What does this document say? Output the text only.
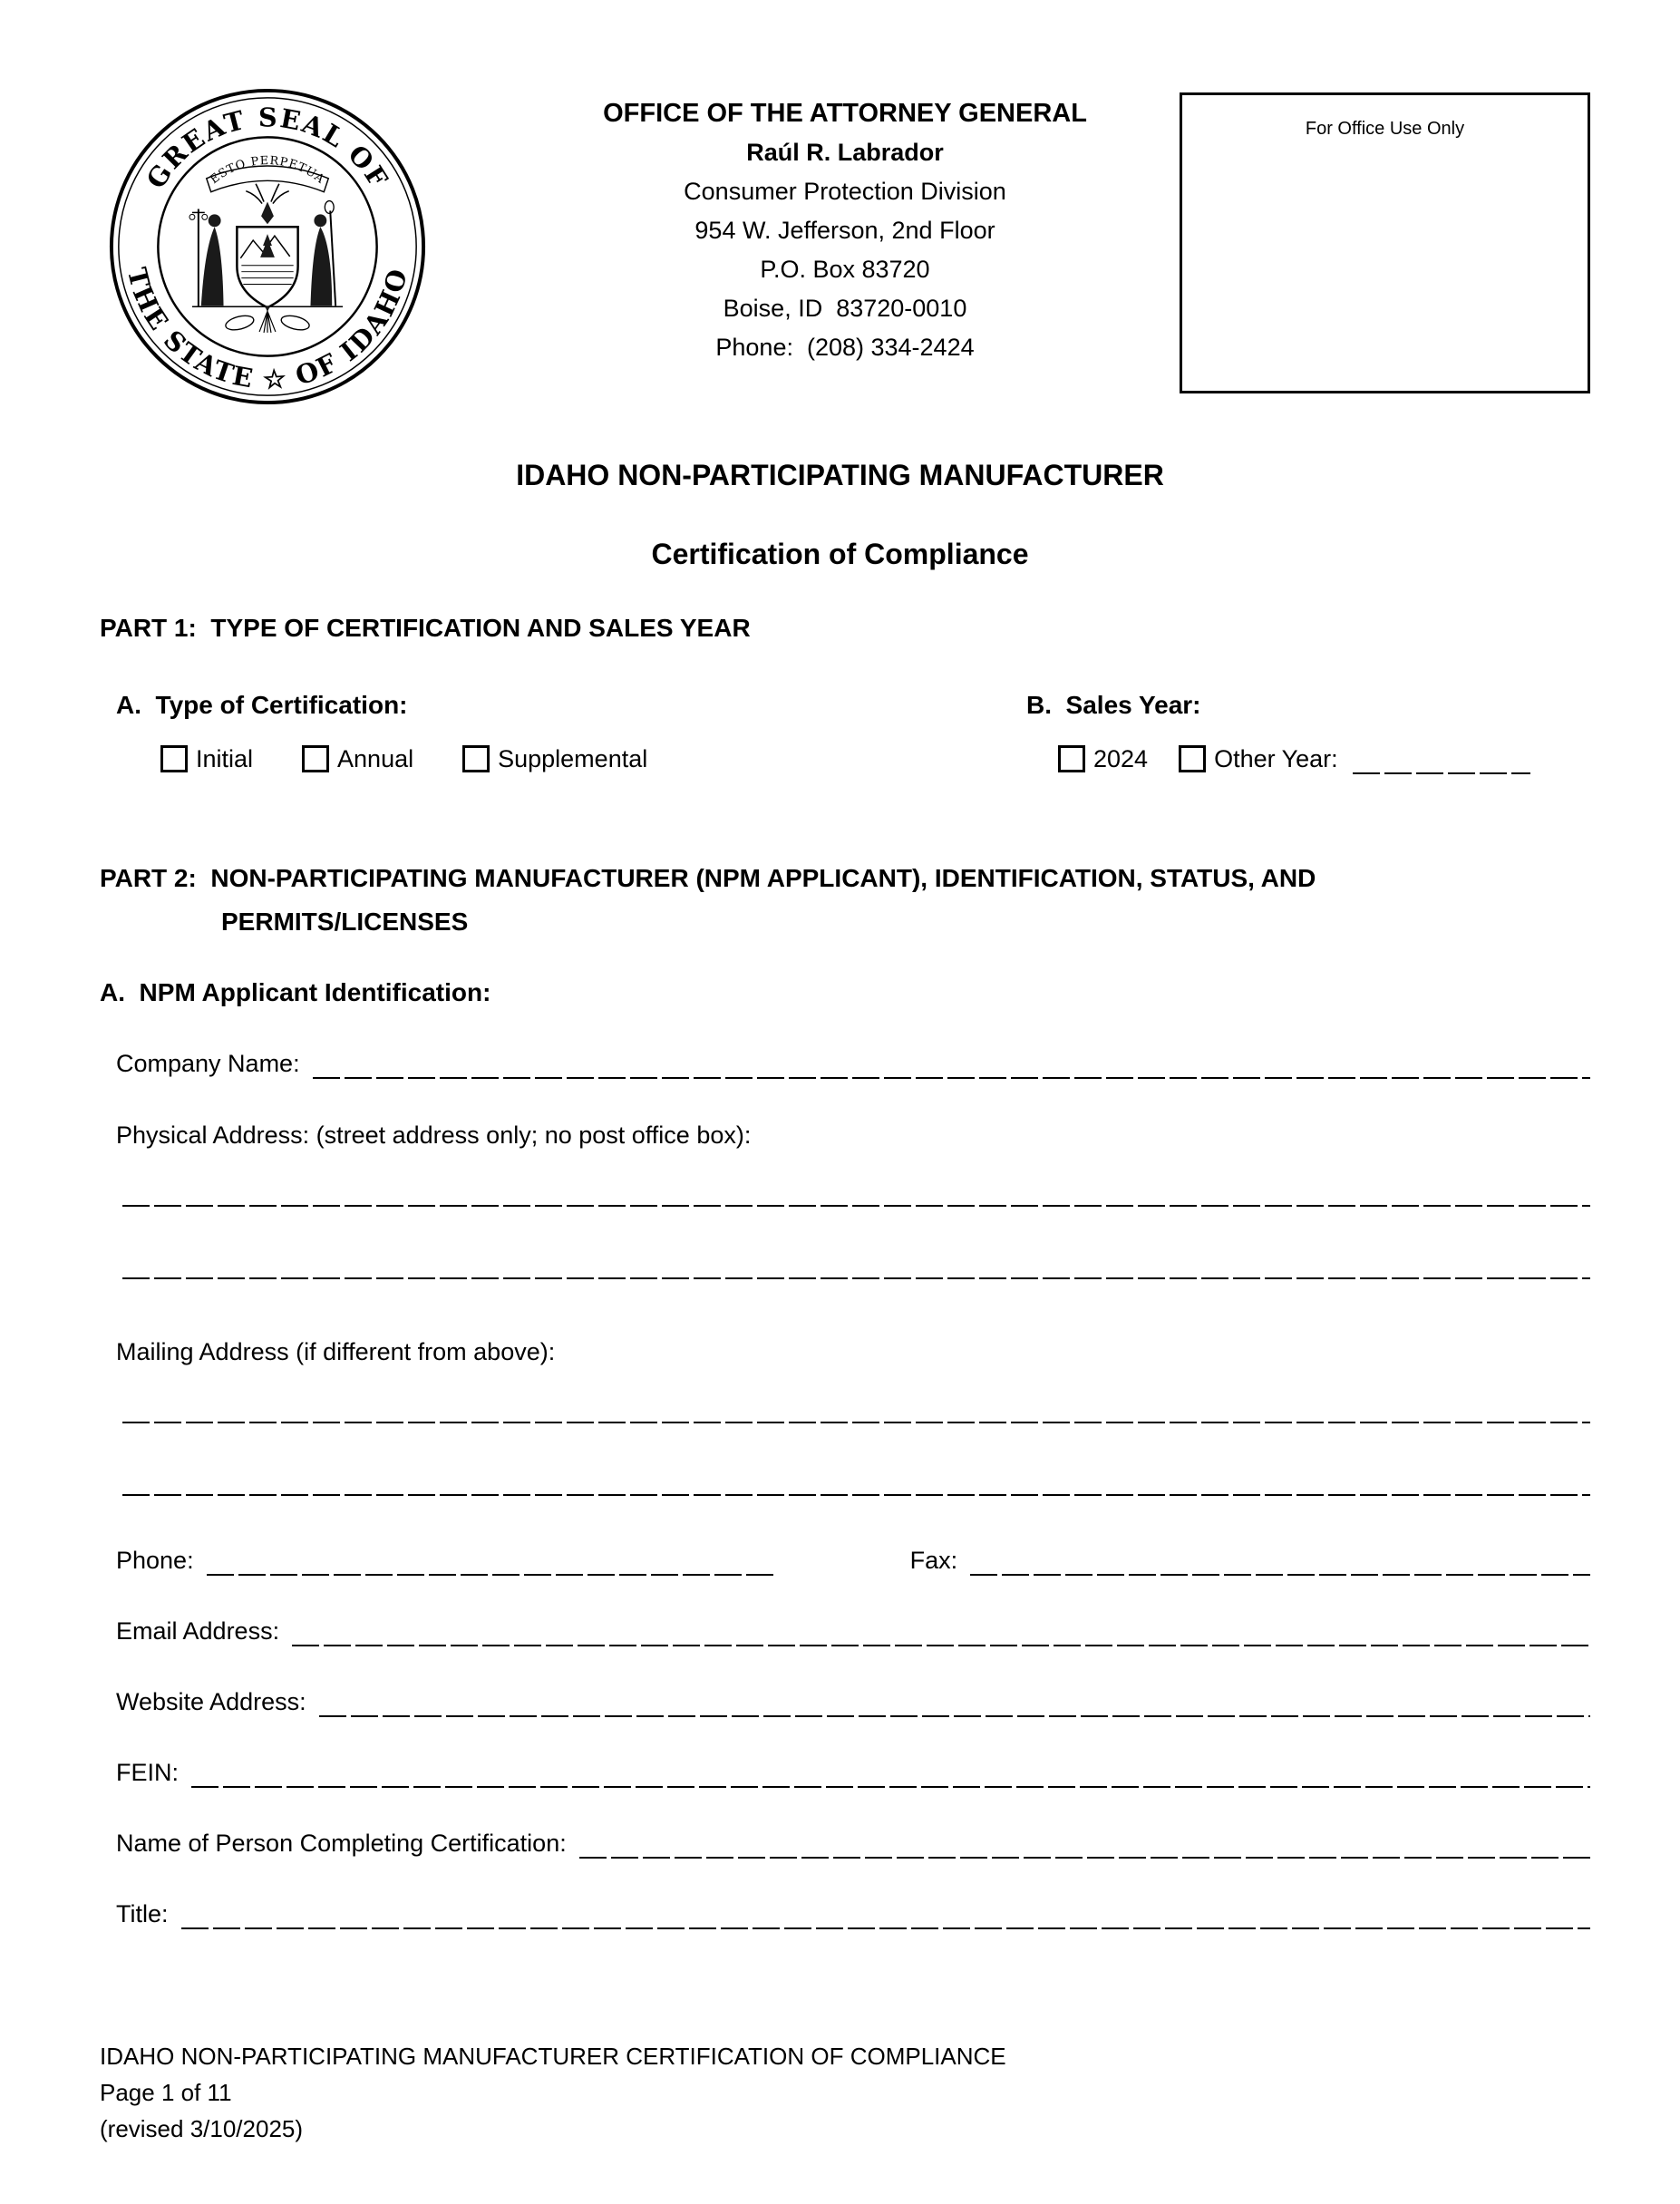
GREAT SEAL OF
THE STATE ☆ OF IDAHO
ESTO PERPETUA
OFFICE OF THE ATTORNEY GENERAL
Raúl R. Labrador
Consumer Protection Division
954 W. Jefferson, 2nd Floor
P.O. Box 83720
Boise, ID  83720-0010
Phone:  (208) 334-2424
For Office Use Only
IDAHO NON-PARTICIPATING MANUFACTURER
Certification of Compliance
PART 1:  TYPE OF CERTIFICATION AND SALES YEAR
A.  Type of Certification:
Initial	Annual	Supplemental
B.  Sales Year:
2024	Other Year:
PART 2:  NON-PARTICIPATING MANUFACTURER (NPM APPLICANT), IDENTIFICATION, STATUS, AND
PERMITS/LICENSES
A.  NPM Applicant Identification:
Company Name:
Physical Address: (street address only; no post office box):
Mailing Address (if different from above):
Phone:	Fax:
Email Address:
Website Address:
FEIN:
Name of Person Completing Certification:
Title:
IDAHO NON-PARTICIPATING MANUFACTURER CERTIFICATION OF COMPLIANCE
Page 1 of 11
(revised 3/10/2025)
